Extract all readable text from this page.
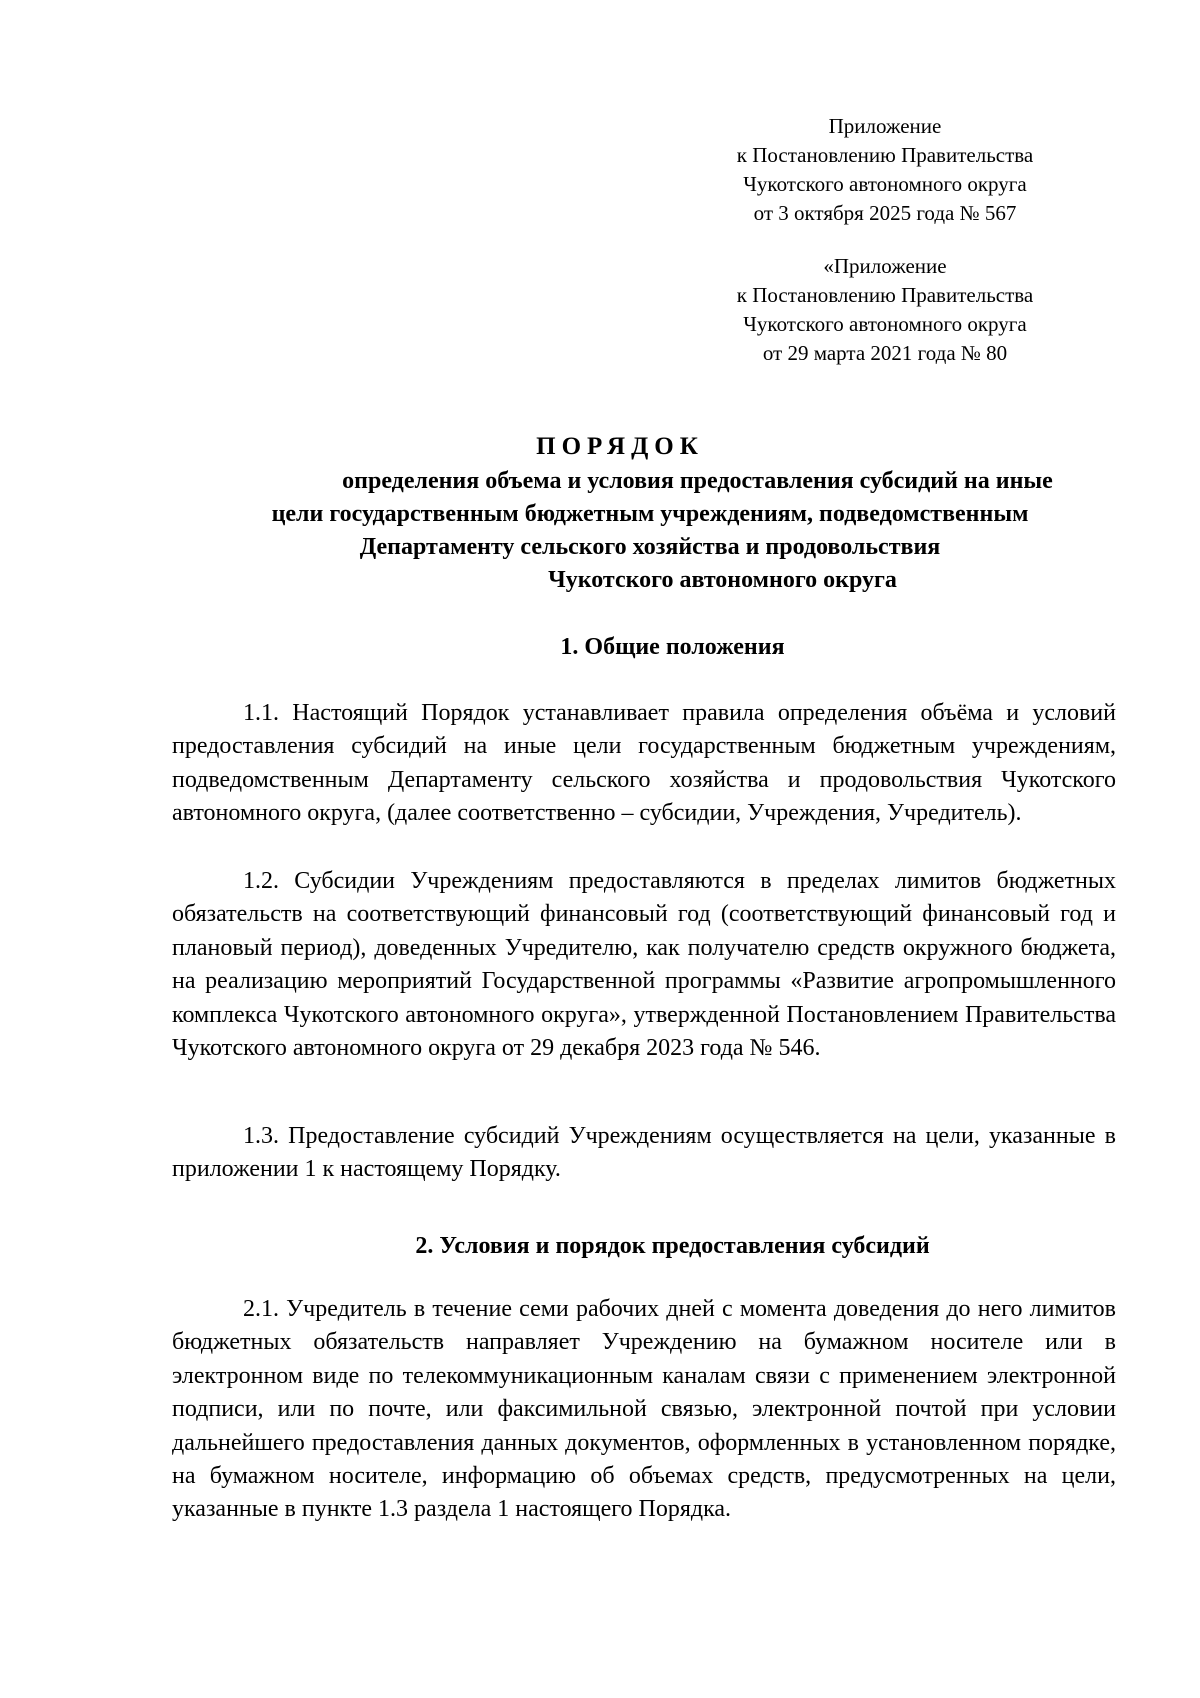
Приложение
к Постановлению Правительства
Чукотского автономного округа
от 3 октября 2025 года № 567
«Приложение
к Постановлению Правительства
Чукотского автономного округа
от 29 марта 2021 года № 80
ПОРЯДОК
определения объема и условия предоставления субсидий на иные
цели государственным бюджетным учреждениям, подведомственным
Департаменту сельского хозяйства и продовольствия
Чукотского автономного округа
1. Общие положения
1.1. Настоящий Порядок устанавливает правила определения объёма и условий предоставления субсидий на иные цели государственным бюджетным учреждениям, подведомственным Департаменту сельского хозяйства и продовольствия Чукотского автономного округа, (далее соответственно – субсидии, Учреждения, Учредитель).
1.2. Субсидии Учреждениям предоставляются в пределах лимитов бюджетных обязательств на соответствующий финансовый год (соответствующий финансовый год и плановый период), доведенных Учредителю, как получателю средств окружного бюджета, на реализацию мероприятий Государственной программы «Развитие агропромышленного комплекса Чукотского автономного округа», утвержденной Постановлением Правительства Чукотского автономного округа от 29 декабря 2023 года № 546.
1.3. Предоставление субсидий Учреждениям осуществляется на цели, указанные в приложении 1 к настоящему Порядку.
2. Условия и порядок предоставления субсидий
2.1. Учредитель в течение семи рабочих дней с момента доведения до него лимитов бюджетных обязательств направляет Учреждению на бумажном носителе или в электронном виде по телекоммуникационным каналам связи с применением электронной подписи, или по почте, или факсимильной связью, электронной почтой при условии дальнейшего предоставления данных документов, оформленных в установленном порядке, на бумажном носителе, информацию об объемах средств, предусмотренных на цели, указанные в пункте 1.3 раздела 1 настоящего Порядка.
